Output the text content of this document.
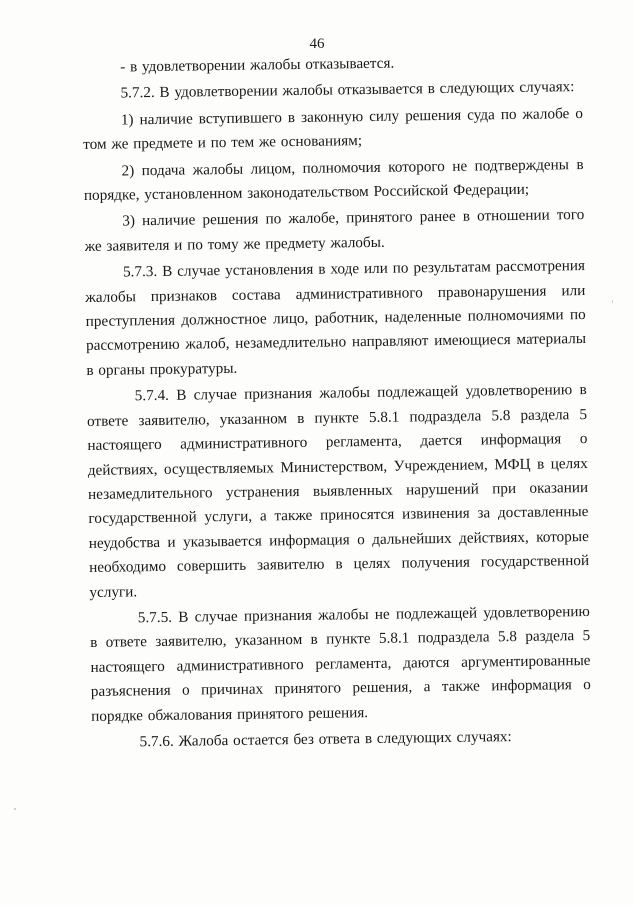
46

- в удовлетворении жалобы отказывается.

5.7.2. В удовлетворении жалобы отказывается в следующих случаях:

1) наличие вступившего в законную силу решения суда по жалобе о том же предмете и по тем же основаниям;

2) подача жалобы лицом, полномочия которого не подтверждены в порядке, установленном законодательством Российской Федерации;

3) наличие решения по жалобе, принятого ранее в отношении того же заявителя и по тому же предмету жалобы.

5.7.3. В случае установления в ходе или по результатам рассмотрения жалобы признаков состава административного правонарушения или преступления должностное лицо, работник, наделенные полномочиями по рассмотрению жалоб, незамедлительно направляют имеющиеся материалы в органы прокуратуры.

5.7.4. В случае признания жалобы подлежащей удовлетворению в ответе заявителю, указанном в пункте 5.8.1 подраздела 5.8 раздела 5 настоящего административного регламента, дается информация о действиях, осуществляемых Министерством, Учреждением, МФЦ в целях незамедлительного устранения выявленных нарушений при оказании государственной услуги, а также приносятся извинения за доставленные неудобства и указывается информация о дальнейших действиях, которые необходимо совершить заявителю в целях получения государственной услуги.

5.7.5. В случае признания жалобы не подлежащей удовлетворению в ответе заявителю, указанном в пункте 5.8.1 подраздела 5.8 раздела 5 настоящего административного регламента, даются аргументированные разъяснения о причинах принятого решения, а также информация о порядке обжалования принятого решения.

5.7.6. Жалоба остается без ответа в следующих случаях:
